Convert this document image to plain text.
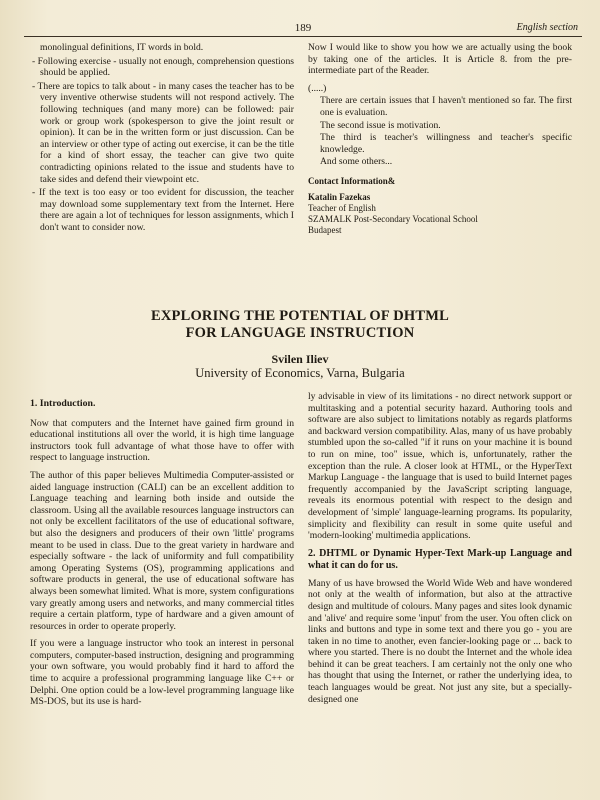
189	English section

monolingual definitions, IT words in bold.

- Following exercise - usually not enough, comprehension questions should be applied.

- There are topics to talk about - in many cases the teacher has to be very inventive otherwise students will not respond actively. The following techniques (and many more) can be followed: pair work or group work (spokesperson to give the joint result or opinion). It can be in the written form or just discussion. Can be an interview or other type of acting out exercise, it can be the title for a kind of short essay, the teacher can give two quite contradicting opinions related to the issue and students have to take sides and defend their viewpoint etc.

- If the text is too easy or too evident for discussion, the teacher may download some supplementary text from the Internet. Here there are again a lot of techniques for lesson assignments, which I don't want to consider now.

Now I would like to show you how we are actually using the book by taking one of the articles. It is Article 8. from the pre-intermediate part of the Reader.

(.....)

There are certain issues that I haven't mentioned so far. The first one is evaluation.

The second issue is motivation.

The third is teacher's willingness and teacher's specific knowledge.

And some others...

Contact Information&
Katalin Fazekas
Teacher of English
SZAMALK Post-Secondary Vocational School
Budapest
EXPLORING THE POTENTIAL OF DHTML
FOR LANGUAGE INSTRUCTION
Svilen Iliev
University of Economics, Varna, Bulgaria

1. Introduction.

Now that computers and the Internet have gained firm ground in educational institutions all over the world, it is high time language instructors took full advantage of what those have to offer with respect to language instruction.

The author of this paper believes Multimedia Computer-assisted or aided language instruction (CALI) can be an excellent addition to Language teaching and learning both inside and outside the classroom. Using all the available resources language instructors can not only be excellent facilitators of the use of educational software, but also the designers and producers of their own 'little' programs meant to be used in class. Due to the great variety in hardware and especially software - the lack of uniformity and full compatibility among Operating Systems (OS), programming applications and software products in general, the use of educational software has always been somewhat limited. What is more, system configurations vary greatly among users and networks, and many commercial titles require a certain platform, type of hardware and a given amount of resources in order to operate properly.

If you were a language instructor who took an interest in personal computers, computer-based instruction, designing and programming your own software, you would probably find it hard to afford the time to acquire a professional programming language like C++ or Delphi. One option could be a low-level programming language like MS-DOS, but its use is hard-

ly advisable in view of its limitations - no direct network support or multitasking and a potential security hazard. Authoring tools and software are also subject to limitations notably as regards platforms and backward version compatibility. Alas, many of us have probably stumbled upon the so-called "if it runs on your machine it is bound to run on mine, too" issue, which is, unfortunately, rather the exception than the rule. A closer look at HTML, or the HyperText Markup Language - the language that is used to build Internet pages frequently accompanied by the JavaScript scripting language, reveals its enormous potential with respect to the design and development of 'simple' language-learning programs. Its popularity, simplicity and flexibility can result in some quite useful and 'modern-looking' multimedia applications.

2. DHTML or Dynamic Hyper-Text Mark-up Language and what it can do for us.

Many of us have browsed the World Wide Web and have wondered not only at the wealth of information, but also at the attractive design and multitude of colours. Many pages and sites look dynamic and 'alive' and require some 'input' from the user. You often click on links and buttons and type in some text and there you go - you are taken in no time to another, even fancier-looking page or ... back to where you started. There is no doubt the Internet and the whole idea behind it can be great teachers. I am certainly not the only one who has thought that using the Internet, or rather the underlying idea, to teach languages would be great. Not just any site, but a specially-designed one
